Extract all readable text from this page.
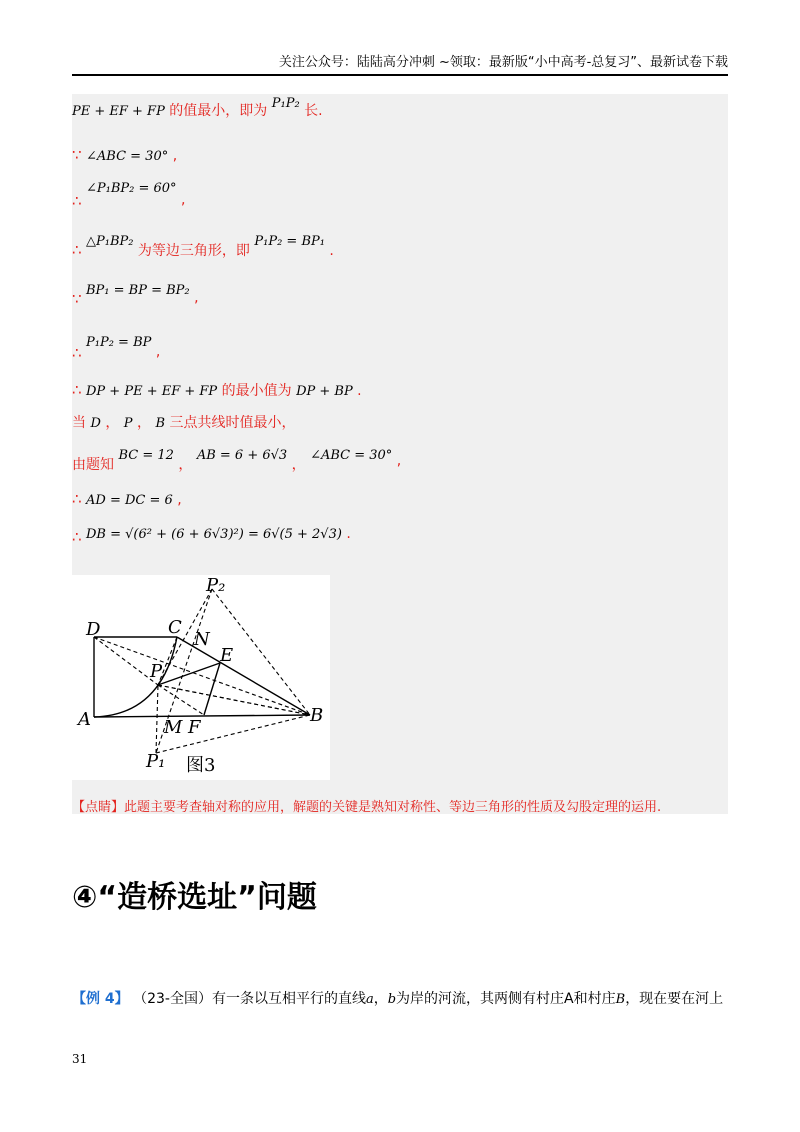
关注公众号：陆陆高分冲刺 ~领取：最新版“小中高考-总复习”、最新试卷下载
PE + EF + FP 的值最小，即为 P₁P₂ 长.
∵ ∠ABC = 30° ,
∴ ∠P₁BP₂ = 60° ,
∴ △P₁BP₂ 为等边三角形，即 P₁P₂ = BP₁ .
∵ BP₁ = BP = BP₂ ,
∴ P₁P₂ = BP ,
∴ DP + PE + EF + FP 的最小值为 DP + BP .
当 D ， P ， B 三点共线时值最小，
由题知 BC = 12 ， AB = 6 + 6√3 ， ∠ABC = 30° ,
∴ AD = DC = 6 ,
∴ DB = √(6² + (6 + 6√3)²) = 6√(5 + 2√3) .
P₂
D	C
N
E
P
A	M F
B
P₁ 图3
【点睛】此题主要考查轴对称的应用，解题的关键是熟知对称性、等边三角形的性质及勾股定理的运用.
④“造桥选址”问题
【例 4】 （23-全国）有一条以互相平行的直线a，b为岸的河流，其两侧有村庄A和村庄B，现在要在河上
31
